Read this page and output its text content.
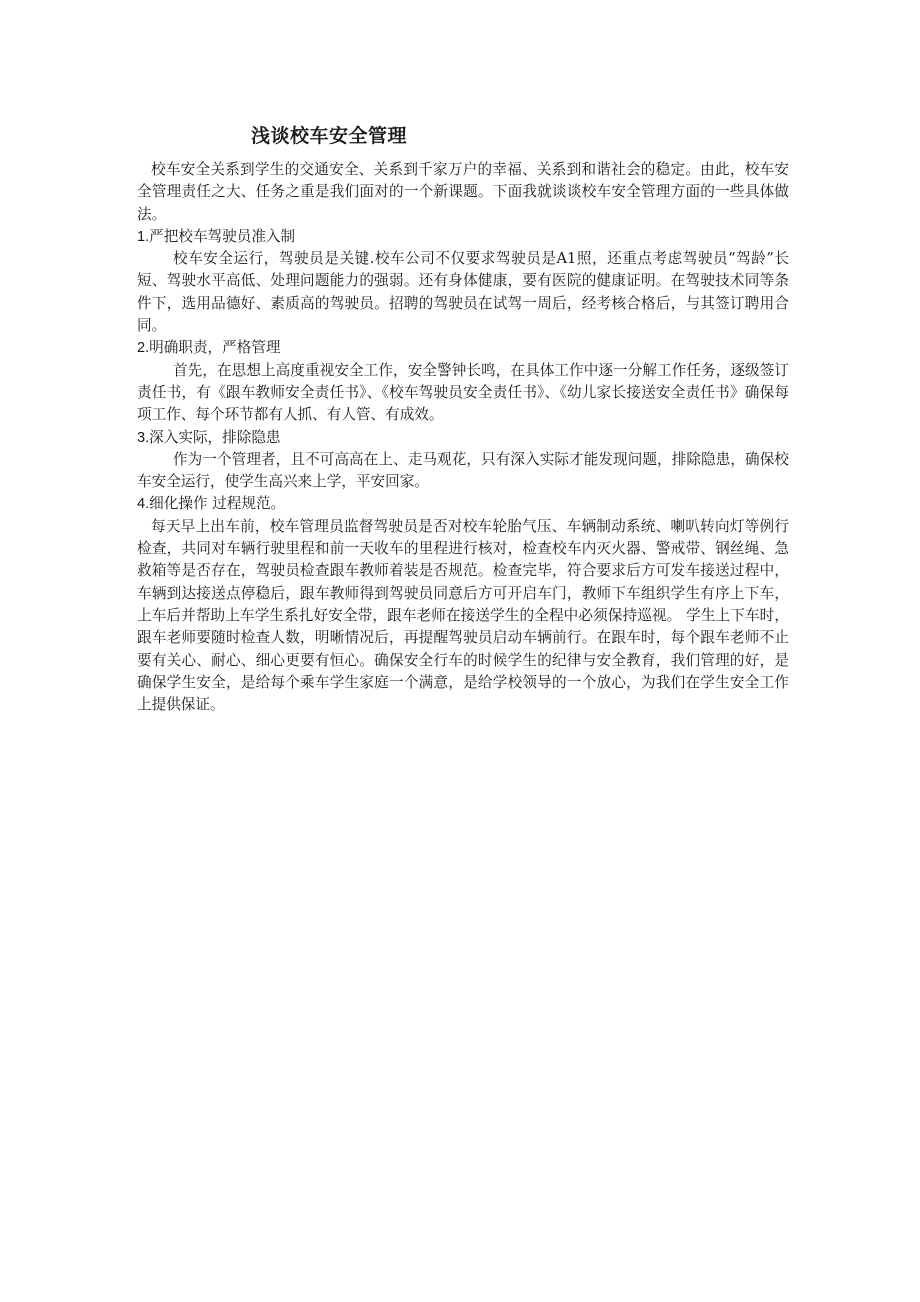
浅谈校车安全管理

校车安全关系到学生的交通安全、关系到千家万户的幸福、关系到和谐社会的稳定。由此，校车安全管理责任之大、任务之重是我们面对的一个新课题。下面我就谈谈校车安全管理方面的一些具体做法。

1.严把校车驾驶员准入制

校车安全运行，驾驶员是关键.校车公司不仅要求驾驶员是A1照，还重点考虑驾驶员“驾龄”长短、驾驶水平高低、处理问题能力的强弱。还有身体健康，要有医院的健康证明。在驾驶技术同等条件下，选用品德好、素质高的驾驶员。招聘的驾驶员在试驾一周后，经考核合格后，与其签订聘用合同。

2.明确职责，严格管理

首先，在思想上高度重视安全工作，安全警钟长鸣，在具体工作中逐一分解工作任务，逐级签订责任书，有《跟车教师安全责任书》、《校车驾驶员安全责任书》、《幼儿家长接送安全责任书》确保每项工作、每个环节都有人抓、有人管、有成效。

3.深入实际，排除隐患

作为一个管理者，且不可高高在上、走马观花，只有深入实际才能发现问题，排除隐患，确保校车安全运行，使学生高兴来上学，平安回家。

4.细化操作 过程规范。

每天早上出车前，校车管理员监督驾驶员是否对校车轮胎气压、车辆制动系统、喇叭转向灯等例行检查，共同对车辆行驶里程和前一天收车的里程进行核对，检查校车内灭火器、警戒带、钢丝绳、急救箱等是否存在，驾驶员检查跟车教师着装是否规范。检查完毕，符合要求后方可发车接送过程中，车辆到达接送点停稳后，跟车教师得到驾驶员同意后方可开启车门，教师下车组织学生有序上下车，上车后并帮助上车学生系扎好安全带，跟车老师在接送学生的全程中必须保持巡视。 学生上下车时，跟车老师要随时检查人数，明晰情况后，再提醒驾驶员启动车辆前行。在跟车时，每个跟车老师不止要有关心、耐心、细心更要有恒心。确保安全行车的时候学生的纪律与安全教育，我们管理的好，是确保学生安全，是给每个乘车学生家庭一个满意，是给学校领导的一个放心，为我们在学生安全工作上提供保证。
